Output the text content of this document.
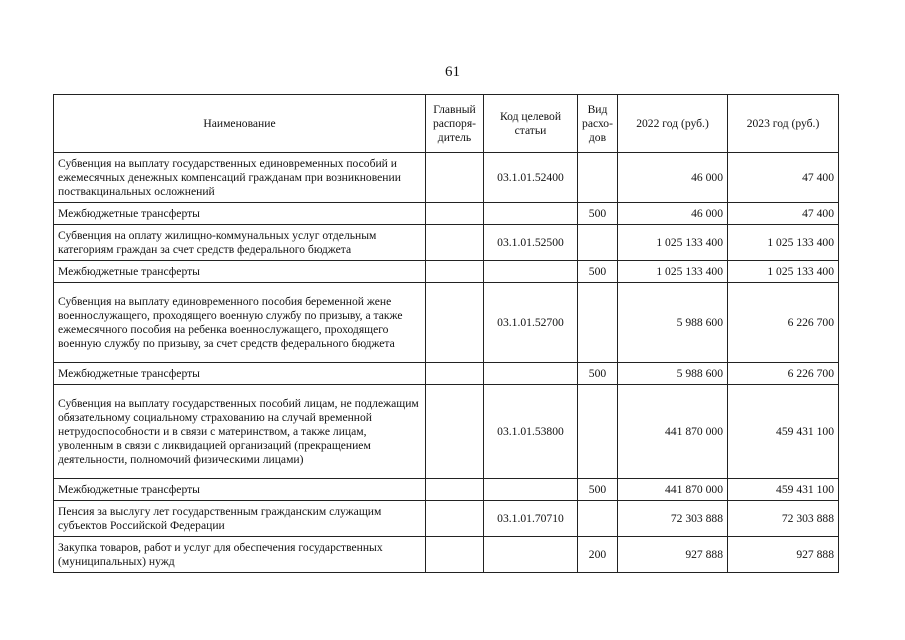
61
Наименование	Главный распоря-дитель	Код целевой статьи	Вид расхо-дов	2022 год (руб.)	2023 год (руб.)
Субвенция на выплату государственных единовременных пособий и ежемесячных денежных компенсаций гражданам при возникновении поствакцинальных осложнений		03.1.01.52400		46 000	47 400
Межбюджетные трансферты			500	46 000	47 400
Субвенция на оплату жилищно-коммунальных услуг отдельным категориям граждан за счет средств федерального бюджета		03.1.01.52500		1 025 133 400	1 025 133 400
Межбюджетные трансферты			500	1 025 133 400	1 025 133 400
Субвенция на выплату единовременного пособия беременной жене военнослужащего, проходящего военную службу по призыву, а также ежемесячного пособия на ребенка военнослужащего, проходящего военную службу по призыву, за счет средств федерального бюджета		03.1.01.52700		5 988 600	6 226 700
Межбюджетные трансферты			500	5 988 600	6 226 700
Субвенция на выплату государственных пособий лицам, не подлежащим обязательному социальному страхованию на случай временной нетрудоспособности и в связи с материнством, а также лицам, уволенным в связи с ликвидацией организаций (прекращением деятельности, полномочий физическими лицами)		03.1.01.53800		441 870 000	459 431 100
Межбюджетные трансферты			500	441 870 000	459 431 100
Пенсия за выслугу лет государственным гражданским служащим субъектов Российской Федерации		03.1.01.70710		72 303 888	72 303 888
Закупка товаров, работ и услуг для обеспечения государственных (муниципальных) нужд			200	927 888	927 888
